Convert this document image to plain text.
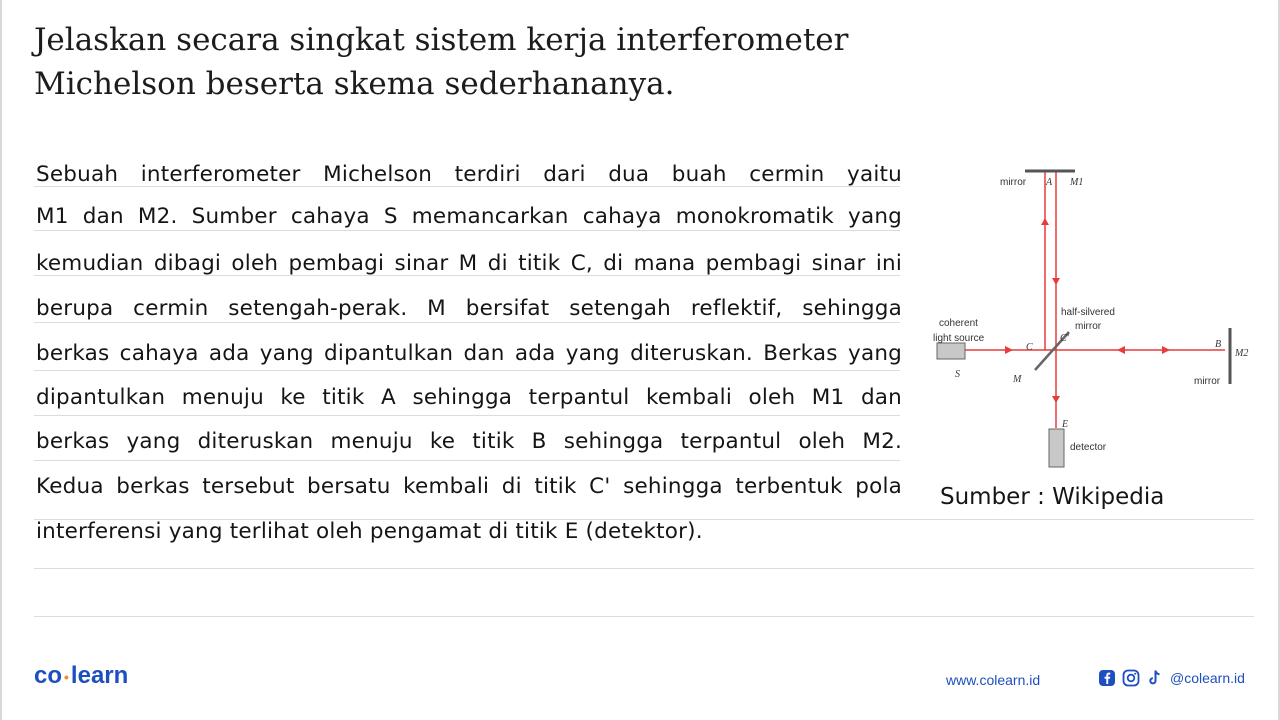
Jelaskan secara singkat sistem kerja interferometer
Michelson beserta skema sederhananya.
Sebuah interferometer Michelson terdiri dari dua buah cermin yaitu
M1 dan M2. Sumber cahaya S memancarkan cahaya monokromatik yang
kemudian dibagi oleh pembagi sinar M di titik C, di mana pembagi sinar ini
berupa cermin setengah-perak. M bersifat setengah reflektif, sehingga
berkas cahaya ada yang dipantulkan dan ada yang diteruskan. Berkas yang
dipantulkan menuju ke titik A sehingga terpantul kembali oleh M1 dan
berkas yang diteruskan menuju ke titik B sehingga terpantul oleh M2.
Kedua berkas tersebut bersatu kembali di titik C' sehingga terbentuk pola
interferensi yang terlihat oleh pengamat di titik E (detektor).
mirror A M1
half-silvered
mirror
coherent
light source
C
C'
B
M2
S	M	mirror
E
detector
Sumber : Wikipedia
co •learn	www.colearn.id	@colearn.id
